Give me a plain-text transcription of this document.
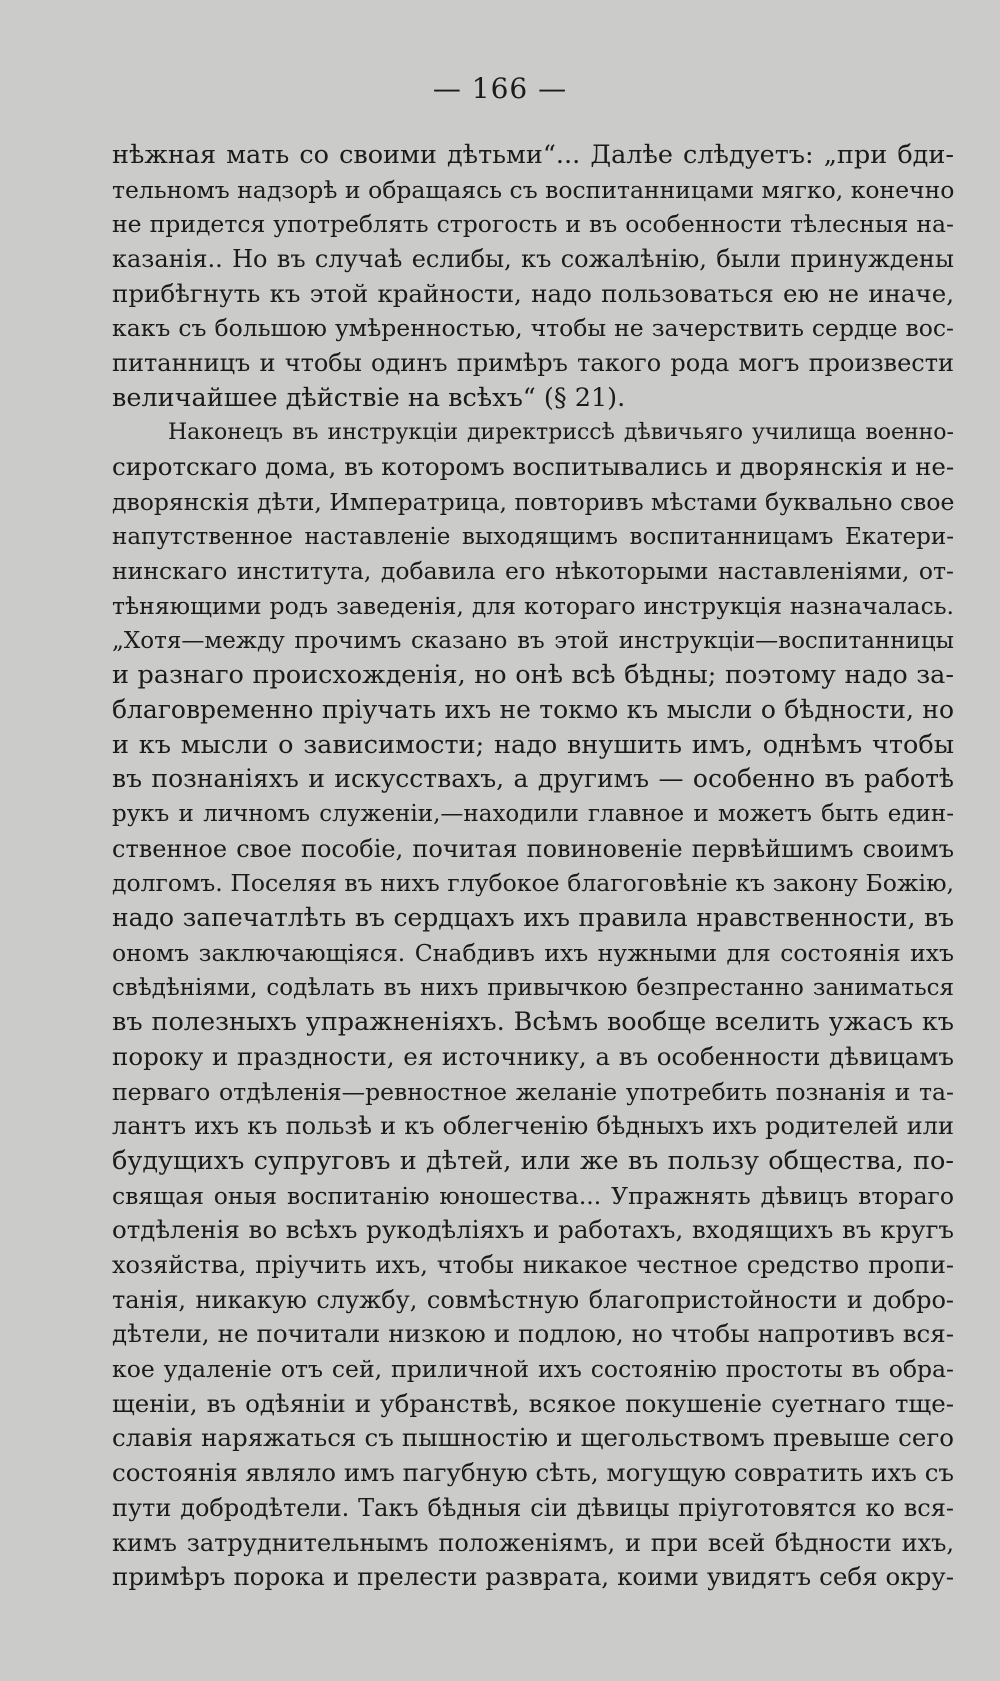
— 166 —
нѣжная мать со своими дѣтьми“... Далѣе слѣдуетъ: „при бди-
тельномъ надзорѣ и обращаясь съ воспитанницами мягко, конечно
не придется употреблять строгость и въ особенности тѣлесныя на-
казанія.. Но въ случаѣ еслибы, къ сожалѣнію, были принуждены
прибѣгнуть къ этой крайности, надо пользоваться ею не иначе,
какъ съ большою умѣренностью, чтобы не зачерствить сердце вос-
питанницъ и чтобы одинъ примѣръ такого рода могъ произвести
величайшее дѣйствіе на всѣхъ“ (§ 21).
Наконецъ въ инструкціи директриссѣ дѣвичьяго училища военно-
сиротскаго дома, въ которомъ воспитывались и дворянскія и не-
дворянскія дѣти, Императрица, повторивъ мѣстами буквально свое
напутственное наставленіе выходящимъ воспитанницамъ Екатери-
нинскаго института, добавила его нѣкоторыми наставленіями, от-
тѣняющими родъ заведенія, для котораго инструкція назначалась.
„Хотя—между прочимъ сказано въ этой инструкціи—воспитанницы
и разнаго происхожденія, но онѣ всѣ бѣдны; поэтому надо за-
благовременно пріучать ихъ не токмо къ мысли о бѣдности, но
и къ мысли о зависимости; надо внушить имъ, однѣмъ чтобы
въ познаніяхъ и искусствахъ, а другимъ — особенно въ работѣ
рукъ и личномъ служеніи,—находили главное и можетъ быть един-
ственное свое пособіе, почитая повиновеніе первѣйшимъ своимъ
долгомъ. Поселяя въ нихъ глубокое благоговѣніе къ закону Божію,
надо запечатлѣть въ сердцахъ ихъ правила нравственности, въ
ономъ заключающіяся. Снабдивъ ихъ нужными для состоянія ихъ
свѣдѣніями, содѣлать въ нихъ привычкою безпрестанно заниматься
въ полезныхъ упражненіяхъ. Всѣмъ вообще вселить ужасъ къ
пороку и праздности, ея источнику, а въ особенности дѣвицамъ
перваго отдѣленія—ревностное желаніе употребить познанія и та-
лантъ ихъ къ пользѣ и къ облегченію бѣдныхъ ихъ родителей или
будущихъ супруговъ и дѣтей, или же въ пользу общества, по-
свящая оныя воспитанію юношества... Упражнять дѣвицъ втораго
отдѣленія во всѣхъ рукодѣліяхъ и работахъ, входящихъ въ кругъ
хозяйства, пріучить ихъ, чтобы никакое честное средство пропи-
танія, никакую службу, совмѣстную благопристойности и добро-
дѣтели, не почитали низкою и подлою, но чтобы напротивъ вся-
кое удаленіе отъ сей, приличной ихъ состоянію простоты въ обра-
щеніи, въ одѣяніи и убранствѣ, всякое покушеніе суетнаго тще-
славія наряжаться съ пышностію и щегольствомъ превыше сего
состоянія являло имъ пагубную сѣть, могущую совратить ихъ съ
пути добродѣтели. Такъ бѣдныя сіи дѣвицы пріуготовятся ко вся-
кимъ затруднительнымъ положеніямъ, и при всей бѣдности ихъ,
примѣръ порока и прелести разврата, коими увидятъ себя окру-
